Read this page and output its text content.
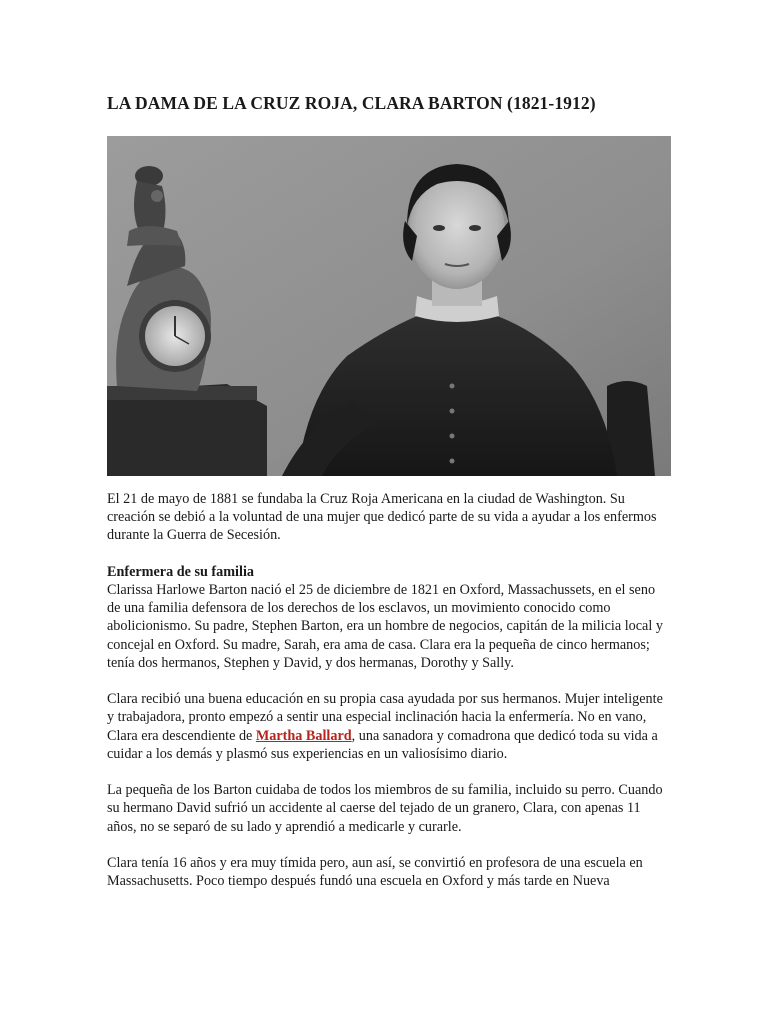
LA DAMA DE LA CRUZ ROJA, CLARA BARTON (1821-1912)

El 21 de mayo de 1881 se fundaba la Cruz Roja Americana en la ciudad de Washington. Su creación se debió a la voluntad de una mujer que dedicó parte de su vida a ayudar a los enfermos durante la Guerra de Secesión.

Enfermera de su familia
Clarissa Harlowe Barton nació el 25 de diciembre de 1821 en Oxford, Massachussets, en el seno de una familia defensora de los derechos de los esclavos, un movimiento conocido como abolicionismo. Su padre, Stephen Barton, era un hombre de negocios, capitán de la milicia local y concejal en Oxford. Su madre, Sarah, era ama de casa. Clara era la pequeña de cinco hermanos; tenía dos hermanos, Stephen y David, y dos hermanas, Dorothy y Sally.

Clara recibió una buena educación en su propia casa ayudada por sus hermanos. Mujer inteligente y trabajadora, pronto empezó a sentir una especial inclinación hacia la enfermería. No en vano, Clara era descendiente de Martha Ballard, una sanadora y comadrona que dedicó toda su vida a cuidar a los demás y plasmó sus experiencias en un valiosísimo diario.

La pequeña de los Barton cuidaba de todos los miembros de su familia, incluido su perro. Cuando su hermano David sufrió un accidente al caerse del tejado de un granero, Clara, con apenas 11 años, no se separó de su lado y aprendió a medicarle y curarle.

Clara tenía 16 años y era muy tímida pero, aun así, se convirtió en profesora de una escuela en Massachusetts. Poco tiempo después fundó una escuela en Oxford y más tarde en Nueva
